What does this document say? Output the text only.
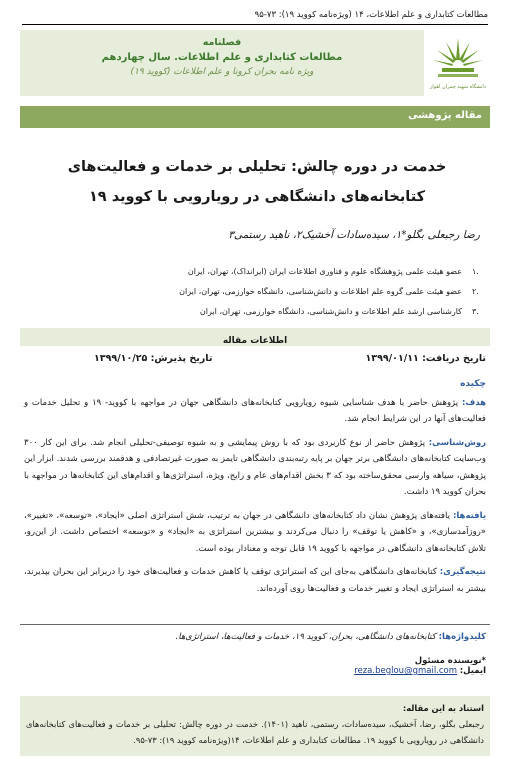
مطالعات کتابداری و علم اطلاعات، ۱۴ (ویژه‌نامه کووید ۱۹): ۷۳-۹۵
فصلنامه
مطالعات کتابداری و علم اطلاعات. سال چهاردهم
ویژه نامه بحران کرونا و علم اطلاعات (کووید ۱۹)
دانشگاه شهید چمران اهواز
مقاله پژوهشی
خدمت در دوره چالش: تحلیلی بر خدمات و فعالیت‌های کتابخانه‌های دانشگاهی در رویارویی با کووید ۱۹
رضا رجبعلی بگلو*۱، سیده‌سادات آخشیک۲، ناهید رستمی۳
.۱
عضو هیئت علمی پژوهشگاه علوم و فناوری اطلاعات ایران (ایرانداک)، تهران، ایران
.۲
عضو هیئت علمی گروه علم اطلاعات و دانش‌شناسی، دانشگاه خوارزمی، تهران، ایران
.۳
کارشناسی ارشد علم اطلاعات و دانش‌شناسی، دانشگاه خوارزمی، تهران، ایران
اطلاعات مقاله
تاریخ دریافت: ۱۳۹۹/۰۱/۱۱
تاریخ پذیرش: ۱۳۹۹/۱۰/۲۵
چکیده

هدف: پژوهش حاضر با هدف شناسایی شیوه رویارویی کتابخانه‌های دانشگاهی جهان در مواجهه با کووید- ۱۹ و تحلیل خدمات و فعالیت‌های آنها در این شرایط انجام شد.

روش‌شناسی: پژوهش حاضر از نوع کاربردی بود که با روش پیمایشی و به شیوه توصیفی-تحلیلی انجام شد. برای این کار ۳۰۰ وب‌سایت کتابخانه‌های دانشگاهی برتر جهان بر پایه رتبه‌بندی دانشگاهی تایمز به صورت غیرتصادفی و هدفمند بررسی شدند. ابزار این پژوهش، سیاهه وارسی محقق‌ساخته بود که ۳ بخش اقدام‌های عام و رایج، ویژه، استراتژی‌ها و اقدام‌های این کتابخانه‌ها در مواجهه با بحران کووید ۱۹ داشت.

یافته‌ها: یافته‌های پژوهش نشان داد کتابخانه‌های دانشگاهی در جهان به ترتیب، شش استراتژی اصلی «ایجاد»، «توسعه»، «تغییر»، «روزآمدسازی»، و «کاهش یا توقف» را دنبال می‌کردند و بیشترین استراتژی به «ایجاد» و «توسعه» اختصاص داشت. از این‌رو، تلاش کتابخانه‌های دانشگاهی در مواجهه با کووید ۱۹ قابل توجه و معنادار بوده است.

نتیجه‌گیری: کتابخانه‌های دانشگاهی به‌جای این که استراتژی توقف یا کاهش خدمات و فعالیت‌های خود را دربرابر این بحران بپذیرند، بیشتر به استراتژی ایجاد و تغییر خدمات و فعالیت‌ها روی آورده‌اند.

کلیدواژه‌ها: کتابخانه‌های دانشگاهی، بحران، کووید ۱۹، خدمات و فعالیت‌ها، استراتژی‌ها.
*نویسنده مسئول
ایمیل: reza.beglou@gmail.com
استناد به این مقاله:
رجبعلی بگلو، رضا، آخشیک، سیده‌سادات، رستمی، ناهید (۱۴۰۱). خدمت در دوره چالش: تحلیلی بر خدمات و فعالیت‌های کتابخانه‌های دانشگاهی در رویارویی با کووید ۱۹. مطالعات کتابداری و علم اطلاعات، ۱۴(ویژه‌نامه کووید ۱۹): ۷۳-۹۵.
